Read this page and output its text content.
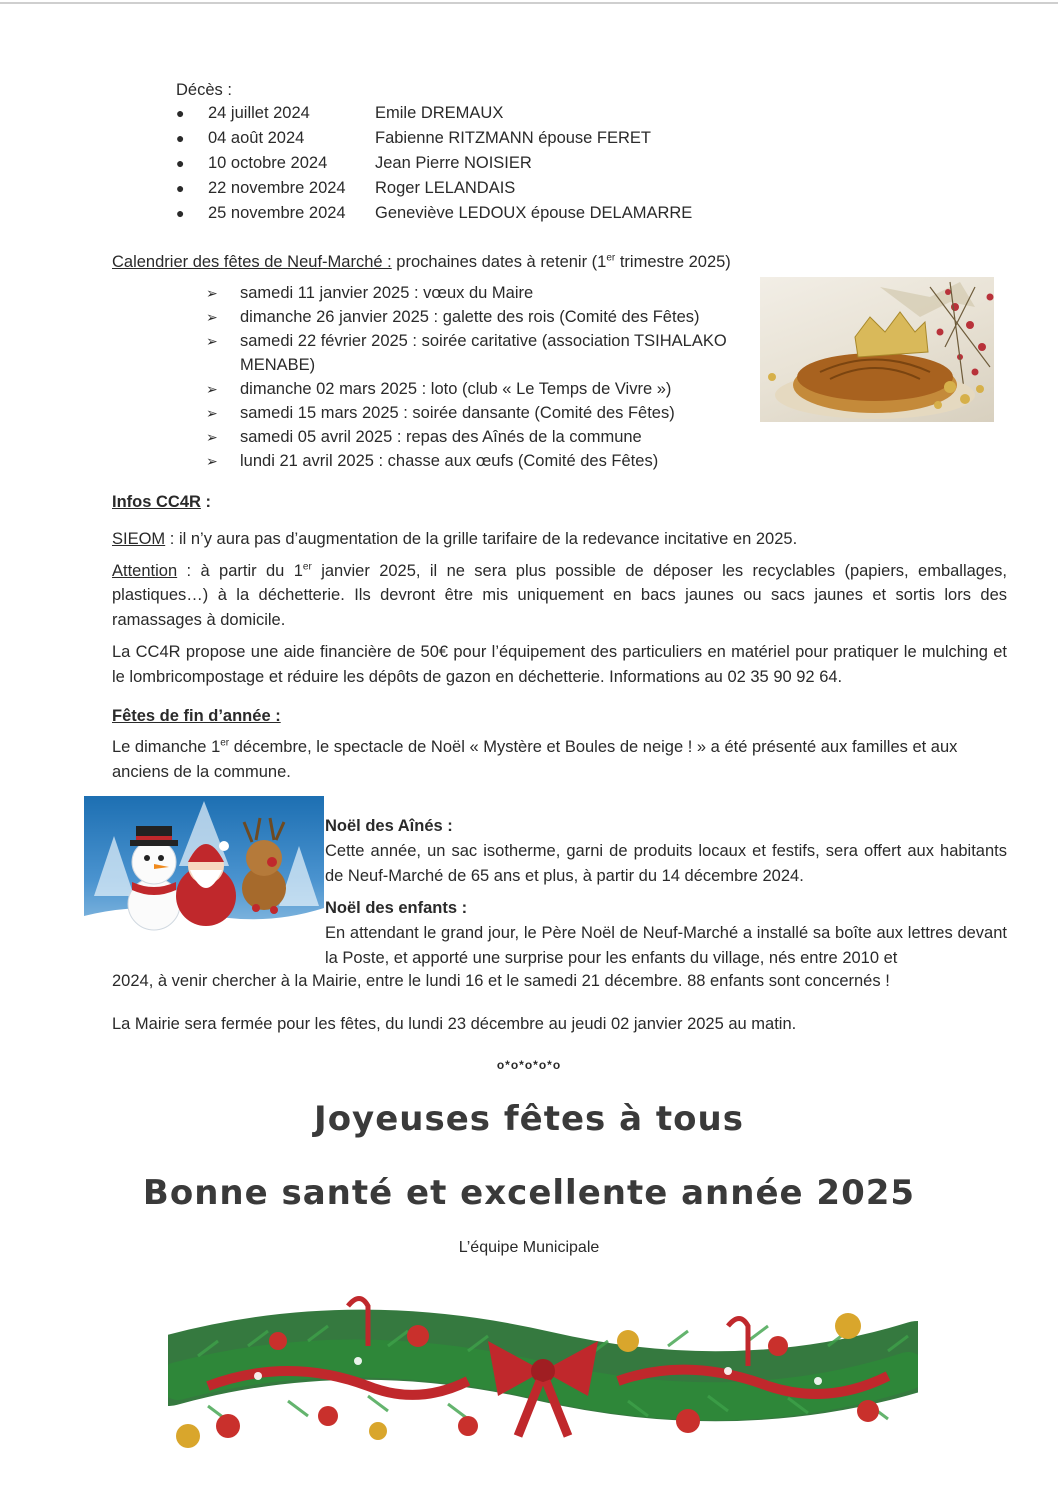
Décès :
● 24 juillet 2024	Emile DREMAUX
● 04 août 2024	Fabienne RITZMANN épouse FERET
● 10 octobre 2024	Jean Pierre NOISIER
● 22 novembre 2024 Roger LELANDAIS
● 25 novembre 2024 Geneviève LEDOUX épouse DELAMARRE
Calendrier des fêtes de Neuf-Marché : prochaines dates à retenir (1er trimestre 2025)
➢ samedi 11 janvier 2025 : vœux du Maire
➢ dimanche 26 janvier 2025 : galette des rois (Comité des Fêtes)
➢ samedi 22 février 2025 : soirée caritative (association TSIHALAKO MENABE)
➢ dimanche 02 mars 2025 : loto (club « Le Temps de Vivre »)
➢ samedi 15 mars 2025 : soirée dansante (Comité des Fêtes)
➢ samedi 05 avril 2025 : repas des Aînés de la commune
➢ lundi 21 avril 2025 : chasse aux œufs (Comité des Fêtes)

Infos CC4R :

SIEOM : il n’y aura pas d’augmentation de la grille tarifaire de la redevance incitative en 2025.

Attention : à partir du 1er janvier 2025, il ne sera plus possible de déposer les recyclables (papiers, emballages, plastiques…) à la déchetterie. Ils devront être mis uniquement en bacs jaunes ou sacs jaunes et sortis lors des ramassages à domicile.

La CC4R propose une aide financière de 50€ pour l’équipement des particuliers en matériel pour pratiquer le mulching et le lombricompostage et réduire les dépôts de gazon en déchetterie. Informations au 02 35 90 92 64.

Fêtes de fin d’année :

Le dimanche 1er décembre, le spectacle de Noël « Mystère et Boules de neige ! » a été présenté aux familles et aux anciens de la commune.

Noël des Aînés :

Cette année, un sac isotherme, garni de produits locaux et festifs, sera offert aux habitants de Neuf-Marché de 65 ans et plus, à partir du 14 décembre 2024.

Noël des enfants :

En attendant le grand jour, le Père Noël de Neuf-Marché a installé sa boîte aux lettres devant la Poste, et apporté une surprise pour les enfants du village, nés entre 2010 et

2024, à venir chercher à la Mairie, entre le lundi 16 et le samedi 21 décembre. 88 enfants sont concernés !
La Mairie sera fermée pour les fêtes, du lundi 23 décembre au jeudi 02 janvier 2025 au matin.
o*o*o*o*o
Joyeuses fêtes à tous
Bonne santé et excellente année 2025
L’équipe Municipale
